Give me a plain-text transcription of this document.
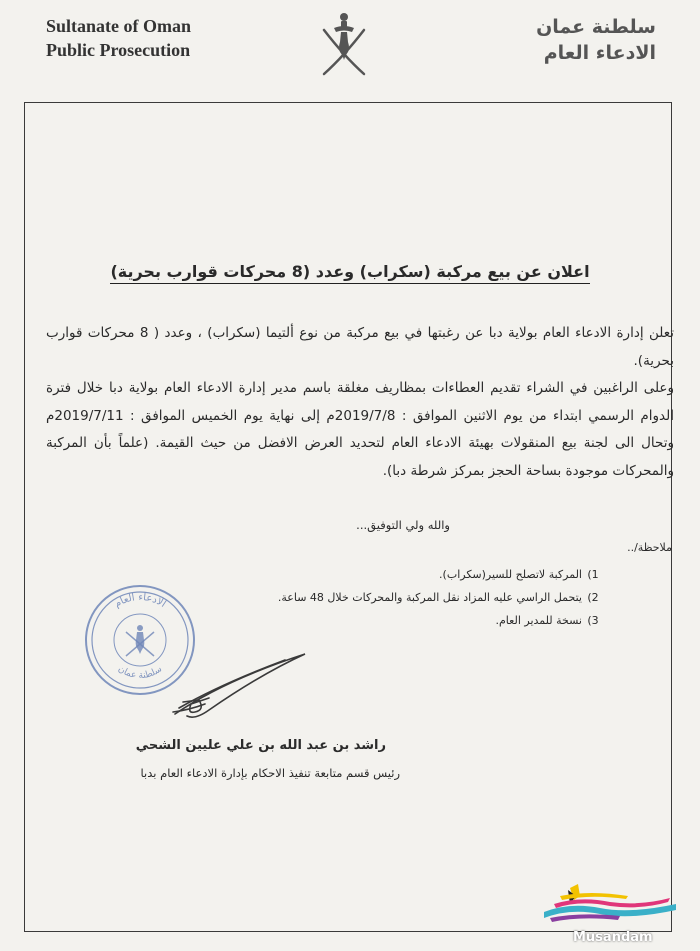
Sultanate of Oman
Public Prosecution
سلطنة عمان
الادعاء العام
اعلان عن بيع مركبة (سكراب) وعدد (8 محركات قوارب بحرية)

تعلن إدارة الادعاء العام بولاية دبا عن رغبتها في بيع مركبة من نوع ألتيما (سكراب) ، وعدد ( 8 محركات قوارب بحرية).

وعلى الراغبين في الشراء تقديم العطاءات بمظاريف مغلقة باسم مدير إدارة الادعاء العام بولاية دبا خلال فترة الدوام الرسمي ابتداء من يوم الاثنين الموافق : 2019/7/8م إلى نهاية يوم الخميس الموافق : 2019/7/11م وتحال الى لجنة بيع المنقولات بهيئة الادعاء العام لتحديد العرض الافضل من حيث القيمة. (علماً بأن المركبة والمحركات موجودة بساحة الحجز بمركز شرطة دبا).

والله ولي التوفيق...
ملاحظة/..
1)
المركبة لاتصلح للسير(سكراب).
2)
يتحمل الراسي عليه المزاد نقل المركبة والمحركات خلال 48 ساعة.
3)
نسخة للمدير العام.
الادعاء العام
سلطنة عمان
راشد بن عبد الله بن علي عليين الشحي
رئيس قسم متابعة تنفيذ الاحكام بإدارة الادعاء العام بدبا
Musandam
